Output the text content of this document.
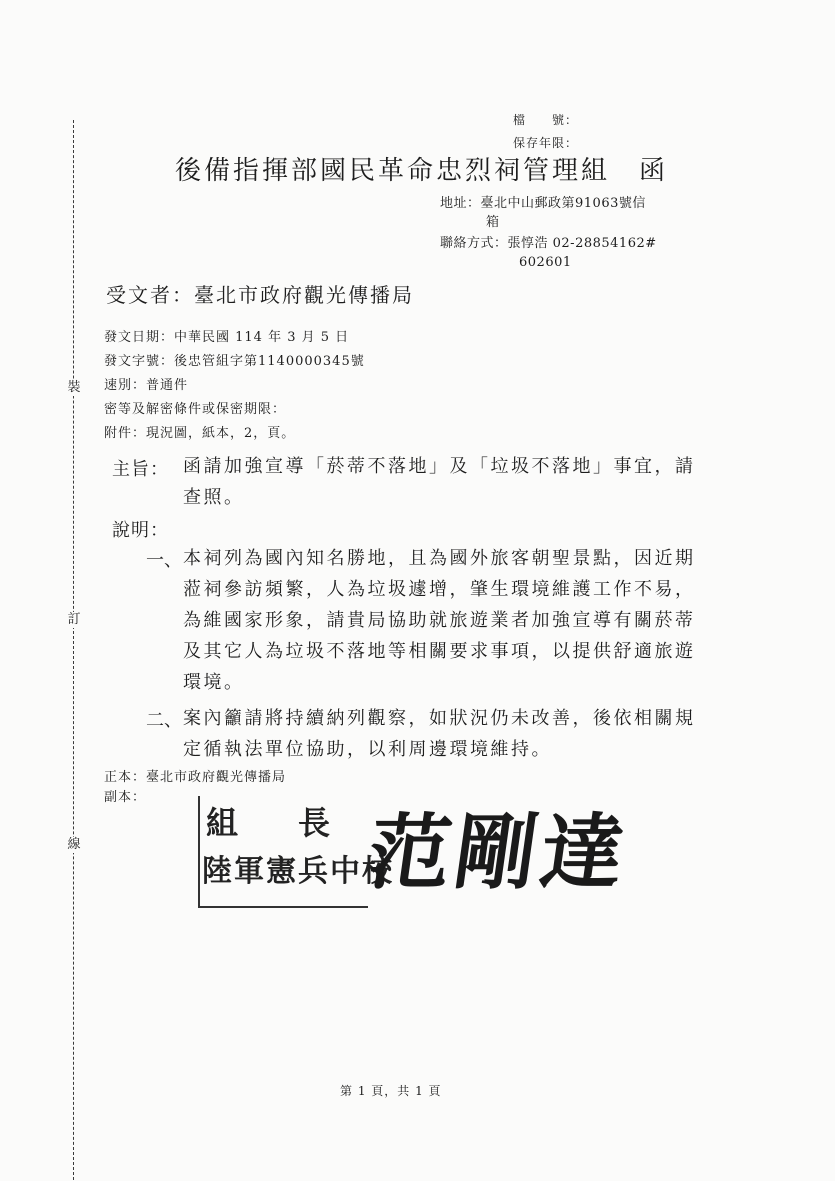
裝
訂
線
檔　　號：
保存年限：
後備指揮部國民革命忠烈祠管理組　函
地址：臺北中山郵政第91063號信
箱
聯絡方式：張惇浩 02-28854162#
602601
受文者：臺北市政府觀光傳播局
發文日期：中華民國 114 年 3 月 5 日
發文字號：後忠管組字第1140000345號
速別：普通件
密等及解密條件或保密期限：
附件：現況圖，紙本，2，頁。
主旨： 函請加強宣導「菸蒂不落地」及「垃圾不落地」事宜，請
查照。
說明：
一、 本祠列為國內知名勝地，且為國外旅客朝聖景點，因近期
蒞祠參訪頻繁，人為垃圾遽增，肇生環境維護工作不易，
為維國家形象，請貴局協助就旅遊業者加強宣導有關菸蒂
及其它人為垃圾不落地等相關要求事項，以提供舒適旅遊
環境。
二、 案內籲請將持續納列觀察，如狀況仍未改善，後依相關規
定循執法單位協助，以利周邊環境維持。
正本：臺北市政府觀光傳播局
副本：
組長
陸軍憲兵中校
范剛達
第 1 頁，共 1 頁
